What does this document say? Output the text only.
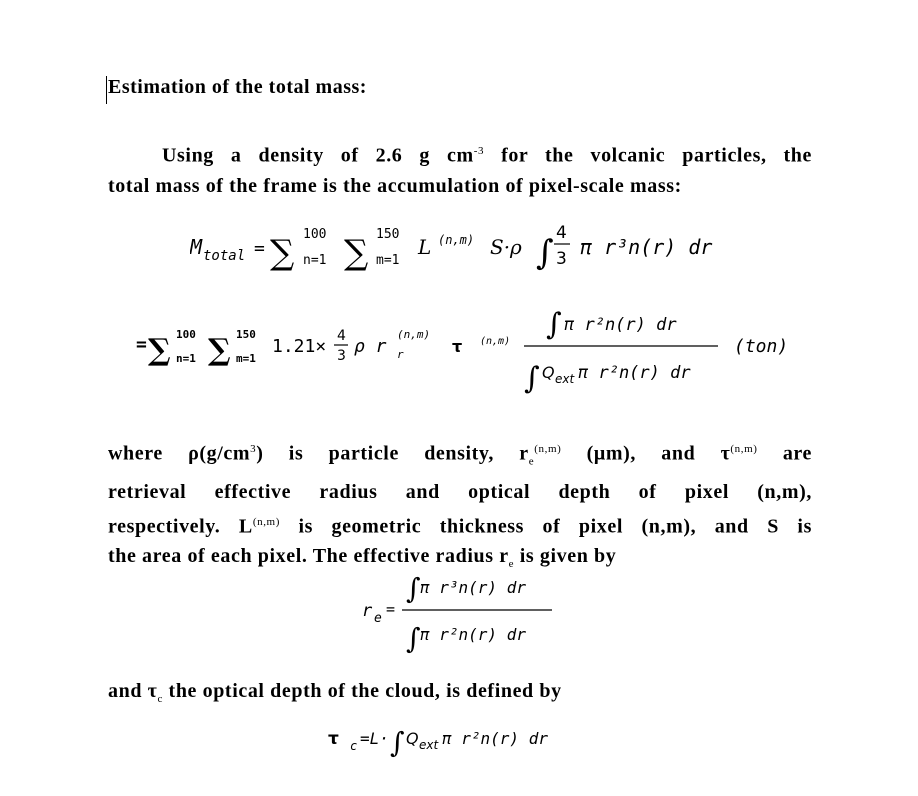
Estimation of the total mass:
Using a density of 2.6 g $cm^{-3}$ for the volcanic particles, the
total mass of the frame is the accumulation of pixel-scale mass:
M total = ∑ 100
n=1 ∑ 150
m=1
L (n,m) S·ρ ∫ 4
3 π r³n(r) dr
= ∑ 100
n=1 ∑ 150
m=1
1.21× 4
3 ρ r
(n,m)
r	τ (n,m) ∫ π r²n(r) dr
∫ Q ext π r²n(r) dr
(ton)
where $\rho(g/cm^3)$ is particle density, $r_e^{(n,m)}$ (μm), and $\tau^{(n,m)}$ are
retrieval effective radius and optical depth of pixel (n,m),
respectively. L$^{(n,m)}$ is geometric thickness of pixel (n,m), and S is
the area of each pixel. The effective radius $r_e$ is given by
r e
=
∫ π r³n(r) dr
∫ π r²n(r) dr
and $\tau_c$ the optical depth of the cloud, is defined by
τ c =L· ∫ Q ext π r²n(r) dr
